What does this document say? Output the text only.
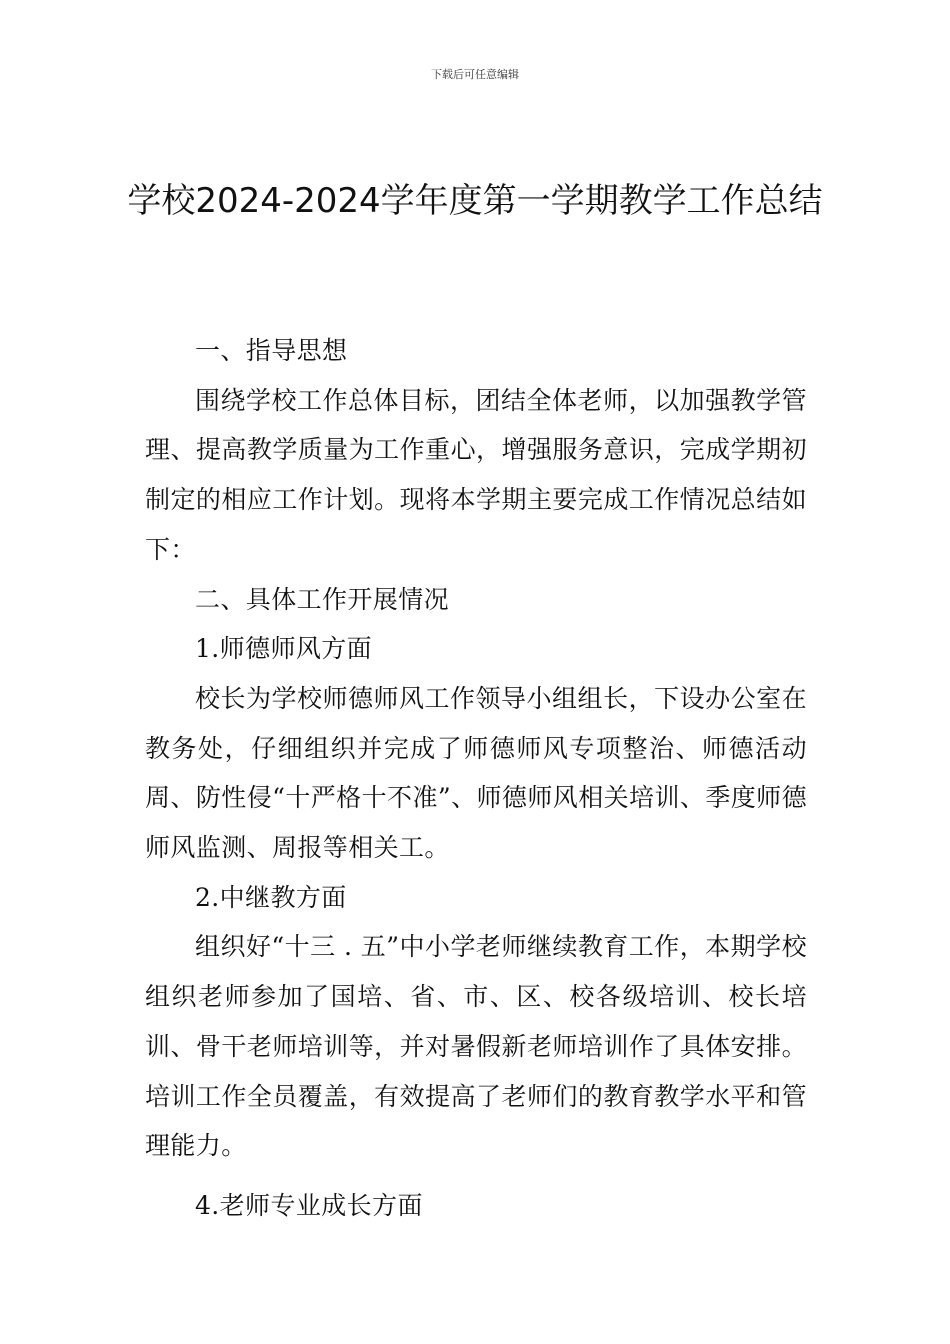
下载后可任意编辑
学校2024-2024学年度第一学期教学工作总结

一、指导思想

围绕学校工作总体目标，团结全体老师，以加强教学管理、提高教学质量为工作重心，增强服务意识，完成学期初制定的相应工作计划。现将本学期主要完成工作情况总结如下：

二、具体工作开展情况

1.师德师风方面

校长为学校师德师风工作领导小组组长，下设办公室在教务处，仔细组织并完成了师德师风专项整治、师德活动周、防性侵“十严格十不准”、师德师风相关培训、季度师德师风监测、周报等相关工。

2.中继教方面

组织好“十三 . 五”中小学老师继续教育工作，本期学校组织老师参加了国培、省、市、区、校各级培训、校长培训、骨干老师培训等，并对暑假新老师培训作了具体安排。培训工作全员覆盖，有效提高了老师们的教育教学水平和管理能力。

4.老师专业成长方面
